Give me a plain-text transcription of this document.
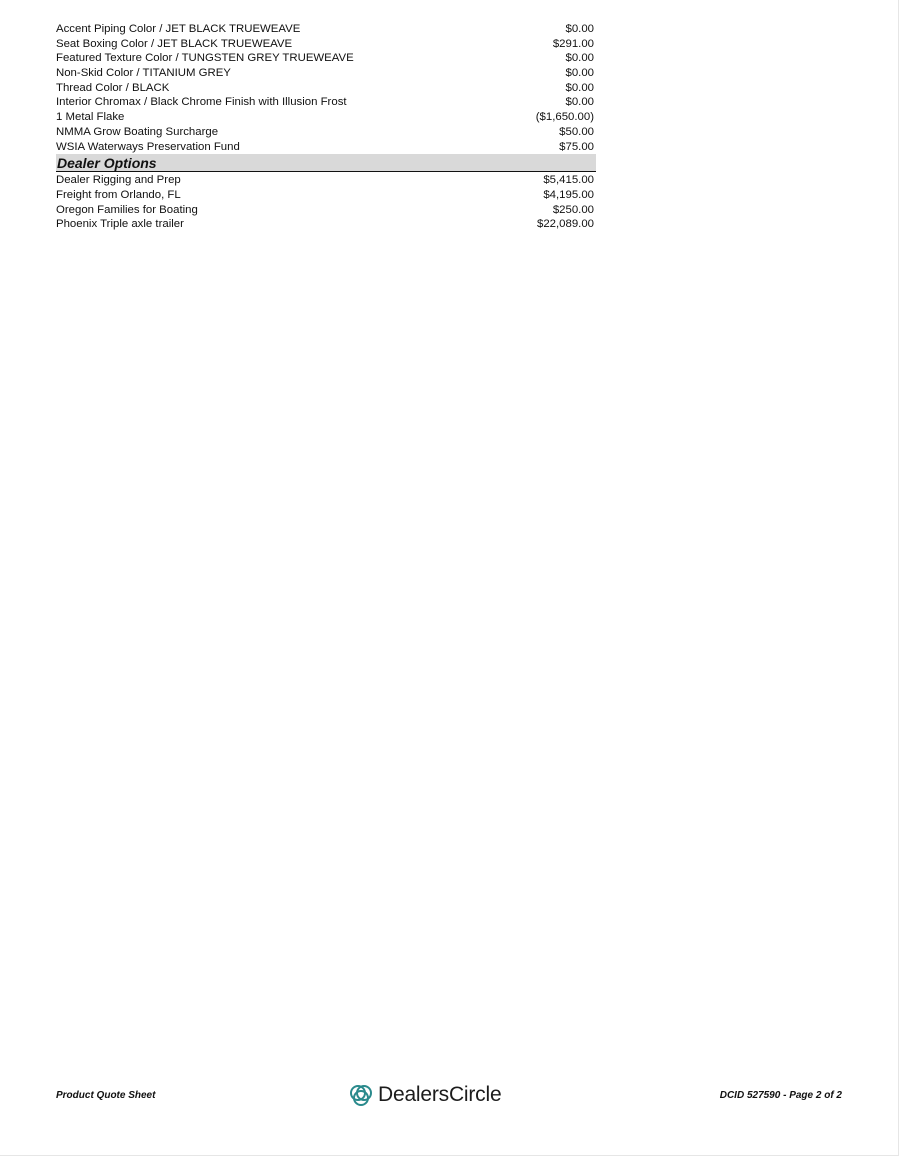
Accent Piping Color / JET BLACK TRUEWEAVE	$0.00
Seat Boxing Color / JET BLACK TRUEWEAVE	$291.00
Featured Texture Color / TUNGSTEN GREY TRUEWEAVE	$0.00
Non-Skid Color / TITANIUM GREY	$0.00
Thread Color / BLACK	$0.00
Interior Chromax / Black Chrome Finish with Illusion Frost	$0.00
1 Metal Flake	($1,650.00)
NMMA Grow Boating Surcharge	$50.00
WSIA Waterways Preservation Fund	$75.00
Dealer Options
Dealer Rigging and Prep	$5,415.00
Freight from Orlando, FL	$4,195.00
Oregon Families for Boating	$250.00
Phoenix Triple axle trailer	$22,089.00
Product Quote Sheet	DealersCircle	DCID 527590 - Page 2 of 2
